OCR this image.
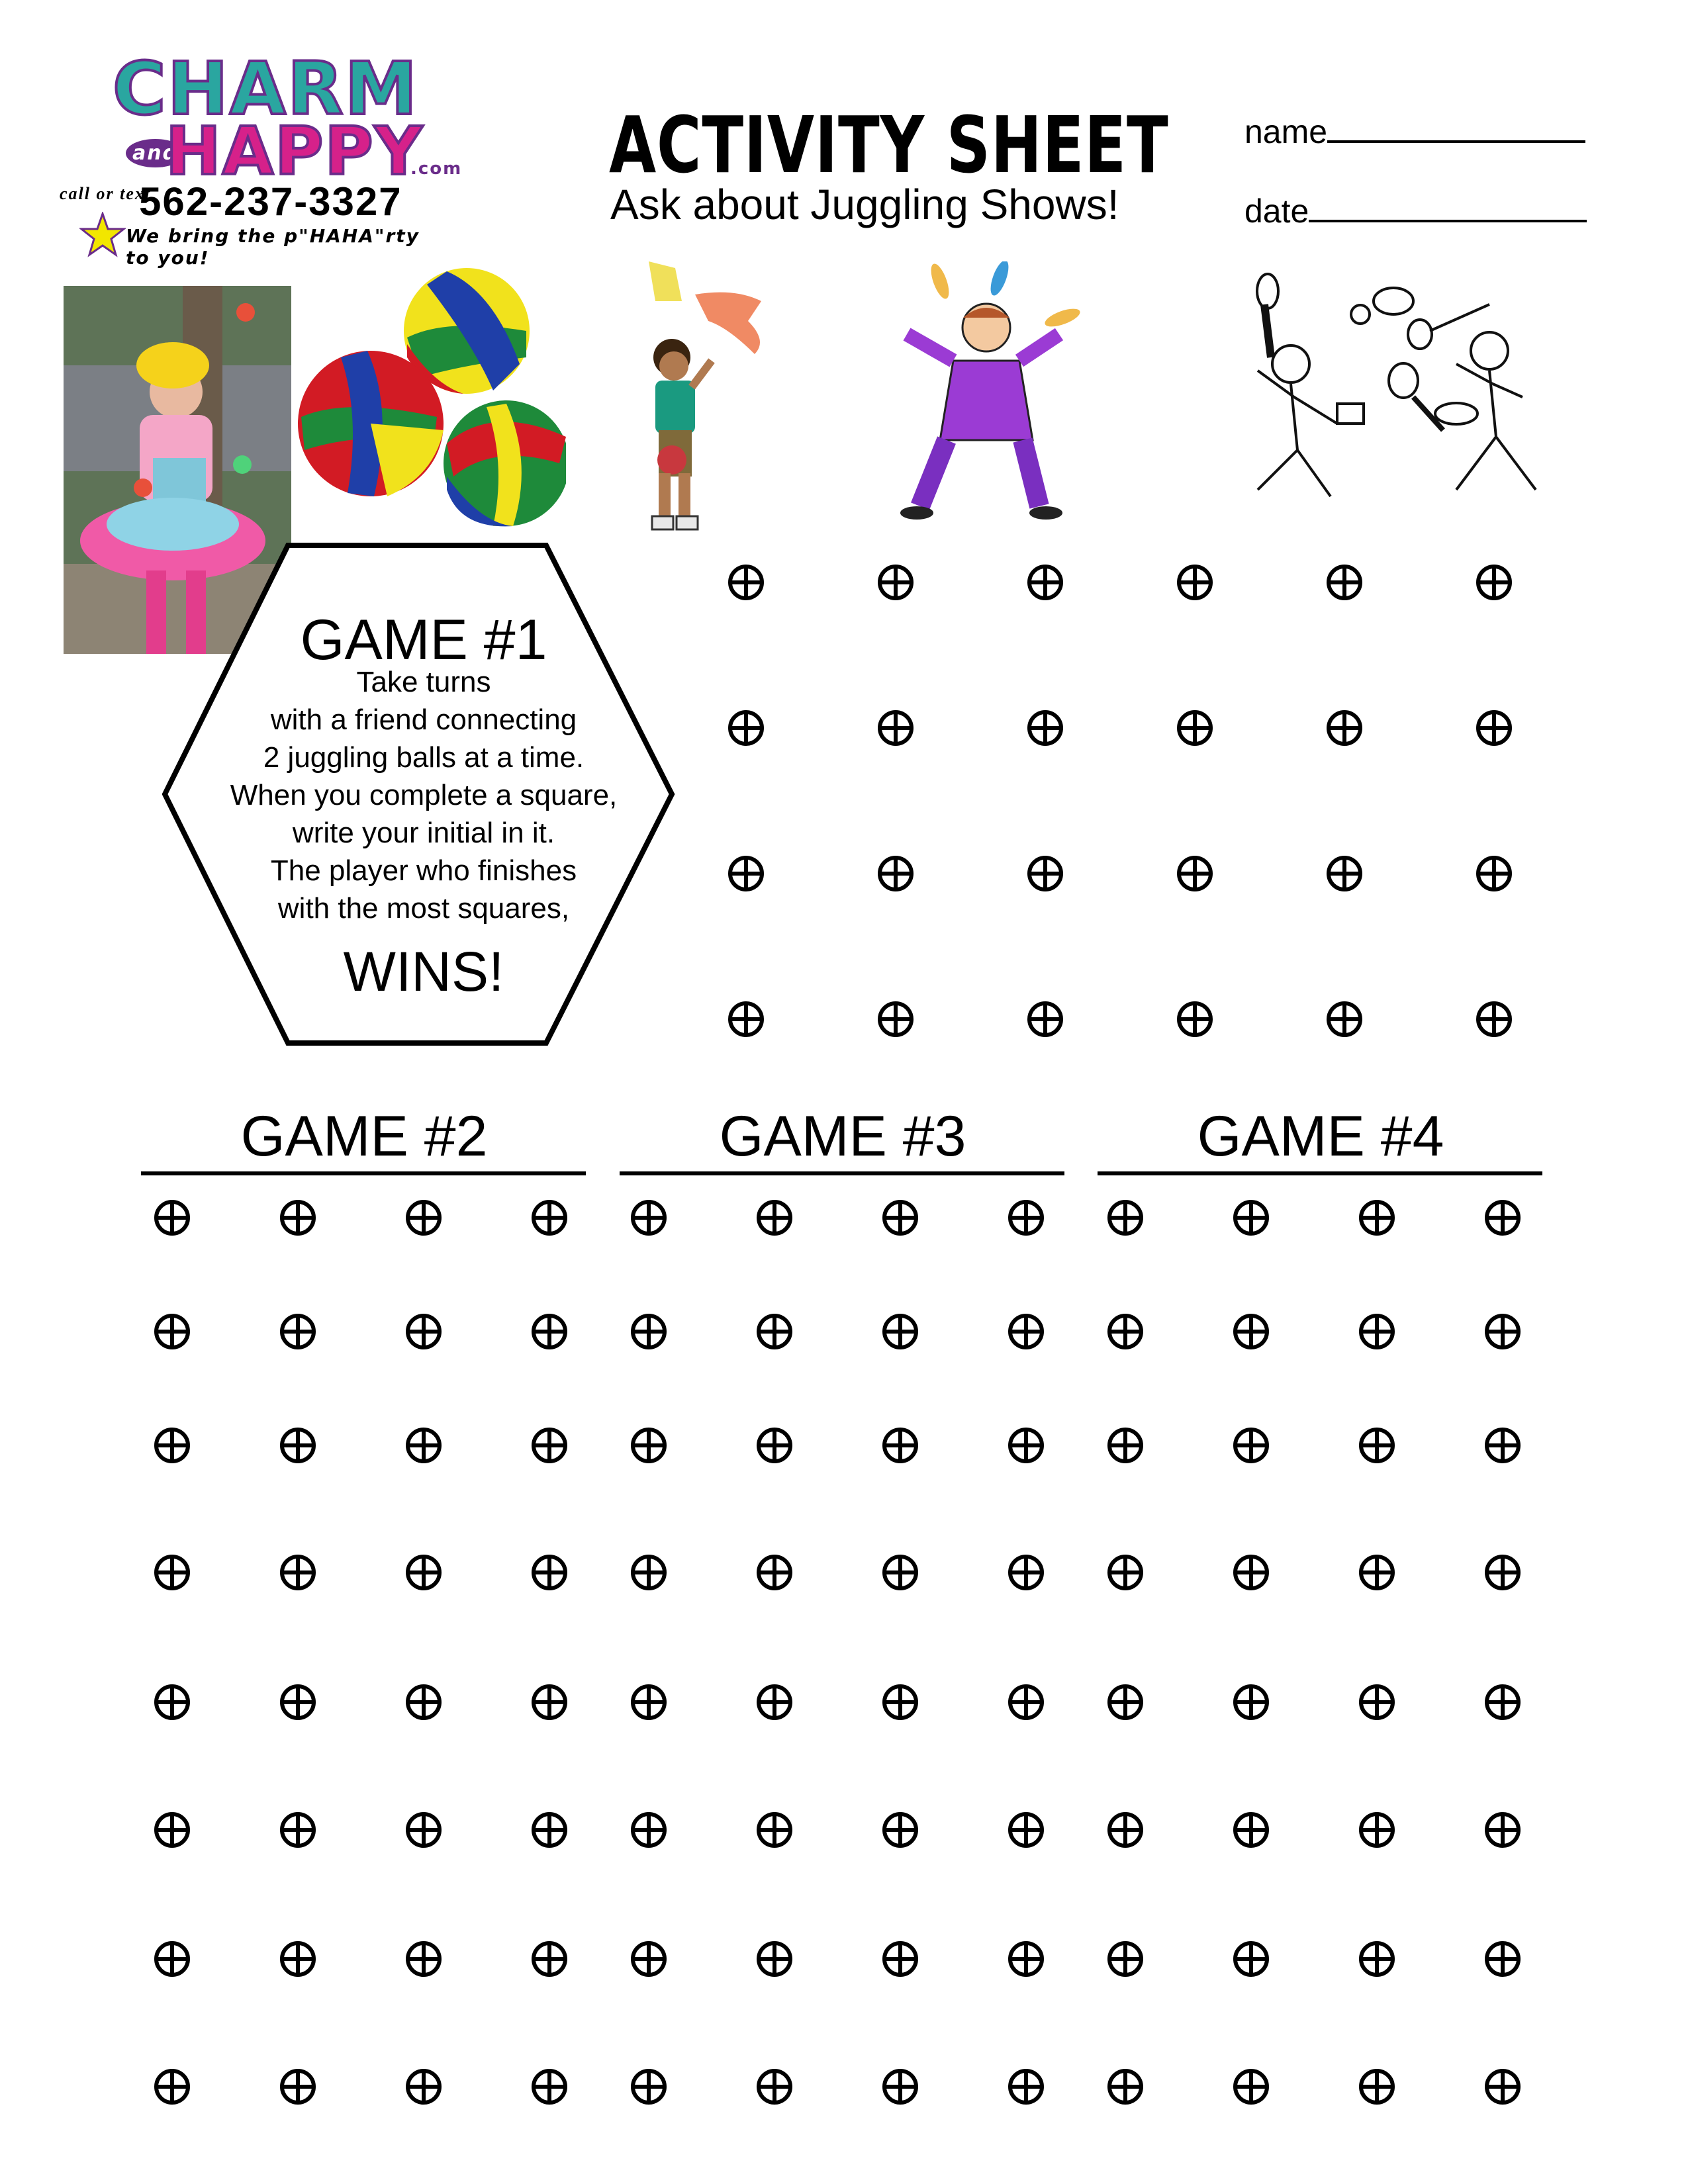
CHARM
and
HAPPY
.com
call or text
562-237-3327
We bring the p"HAHA"rty to you!
ACTIVITY SHEET
Ask about Juggling Shows!
name
date
GAME #1
Take turns
with a friend connecting
2 juggling balls at a time.
When you complete a square,
write your initial in it.
The player who finishes
with the most squares,
WINS!
GAME #2	GAME #3	GAME #4
